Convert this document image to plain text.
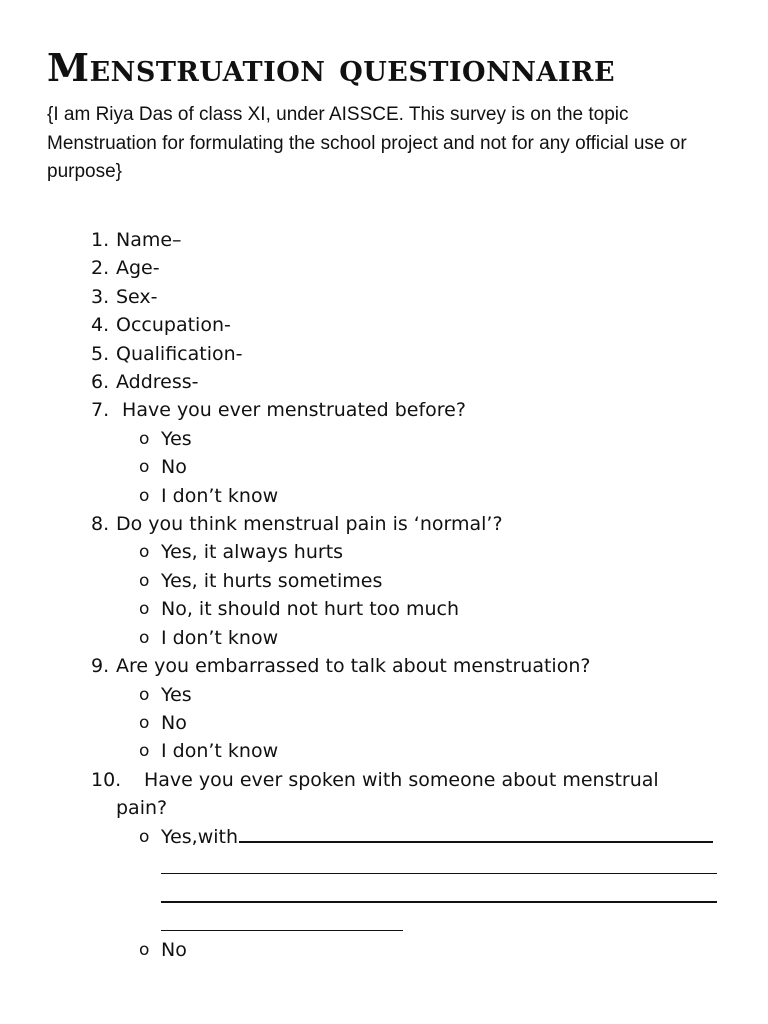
Menstruation questionnaire

{I am Riya Das of class XI, under AISSCE. This survey is on the topic Menstruation for formulating the school project and not for any official use or purpose}

1. Name–
2. Age-
3. Sex-
4. Occupation-
5. Qualification-
6. Address-
7. Have you ever menstruated before?
o Yes
o No
o I don’t know
8. Do you think menstrual pain is ‘normal’?
o Yes, it always hurts
o Yes, it hurts sometimes
o No, it should not hurt too much
o I don’t know
9. Are you embarrassed to talk about menstruation?
o Yes
o No
o I don’t know
10. Have you ever spoken with someone about menstrual
pain?
o Yes,with
o No
